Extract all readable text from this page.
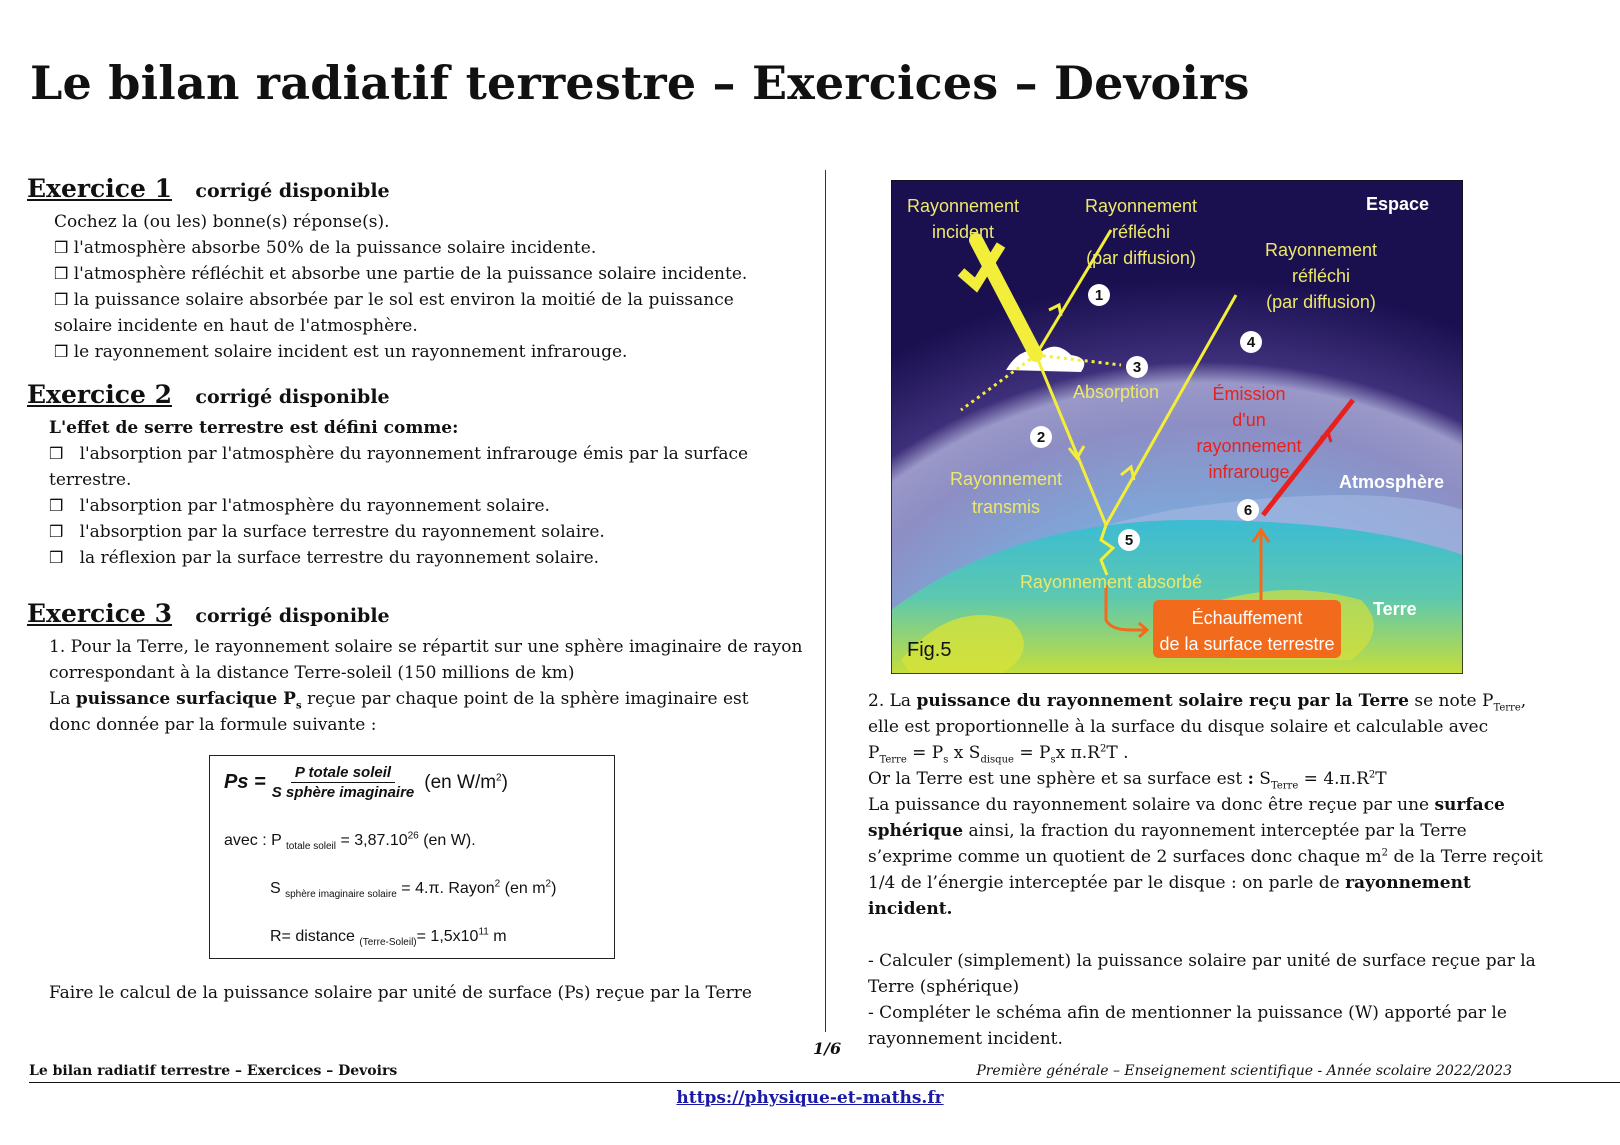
Le bilan radiatif terrestre – Exercices – Devoirs
Exercice 1 corrigé disponible
Cochez la (ou les) bonne(s) réponse(s).
❒ l'atmosphère absorbe 50% de la puissance solaire incidente.
❒ l'atmosphère réfléchit et absorbe une partie de la puissance solaire incidente.
❒ la puissance solaire absorbée par le sol est environ la moitié de la puissance solaire incidente en haut de l'atmosphère.
❒ le rayonnement solaire incident est un rayonnement infrarouge.
Exercice 2 corrigé disponible
L'effet de serre terrestre est défini comme:
❒ l'absorption par l'atmosphère du rayonnement infrarouge émis par la surface terrestre.
❒ l'absorption par l'atmosphère du rayonnement solaire.
❒ l'absorption par la surface terrestre du rayonnement solaire.
❒ la réflexion par la surface terrestre du rayonnement solaire.
Exercice 3 corrigé disponible
1. Pour la Terre, le rayonnement solaire se répartit sur une sphère imaginaire de rayon correspondant à la distance Terre-soleil (150 millions de km)
La puissance surfacique $P_s$ reçue par chaque point de la sphère imaginaire est donc donnée par la formule suivante :
Faire le calcul de la puissance solaire par unité de surface (Ps) reçue par la Terre
$Ps = \frac{\text{P totale soleil}}{\text{S sphère imaginaire}} (en$ $W/m^2$)
avec : P $_{totale soleil} = 3,87.10^{26}$ (en W).
S $_{sphère imaginaire solaire}$ = 4.π. Rayon$^2$ (en $m^2$)
R= distance $_{(Terre-Soleil)}= 1,5x10^{11}$ m
Rayonnement
incident
Rayonnement
réfléchi
(par diffusion)	Rayonnement
réfléchi
(par diffusion)
Absorption
Rayonnement
transmis
Rayonnement absorbé
Émission
d'un
rayonnement
infrarouge
Espace
Atmosphère
Terre
Échauffement
de la surface terrestre
Fig.5
1
2
3
4
5
6
2. La puissance du rayonnement solaire reçu par la Terre se note $P_{Terre}$, elle est proportionnelle à la surface du disque solaire et calculable avec
$P_{Terre} = P_s$ x $S_{disque} = P_sx$ $\pi.R^2T$ .
Or la Terre est une sphère et sa surface est : $S_{Terre} = 4.\pi.R^2T$
La puissance du rayonnement solaire va donc être reçue par une surface sphérique ainsi, la fraction du rayonnement interceptée par la Terre s’exprime comme un quotient de 2 surfaces donc chaque $m^2$ de la Terre reçoit 1/4 de l’énergie interceptée par le disque : on parle de rayonnement incident.
- Calculer (simplement) la puissance solaire par unité de surface reçue par la Terre (sphérique)
- Compléter le schéma afin de mentionner la puissance (W) apporté par le rayonnement incident.
1/6
Le bilan radiatif terrestre – Exercices – Devoirs	Première générale – Enseignement scientifique - Année scolaire 2022/2023
https://physique-et-maths.fr
